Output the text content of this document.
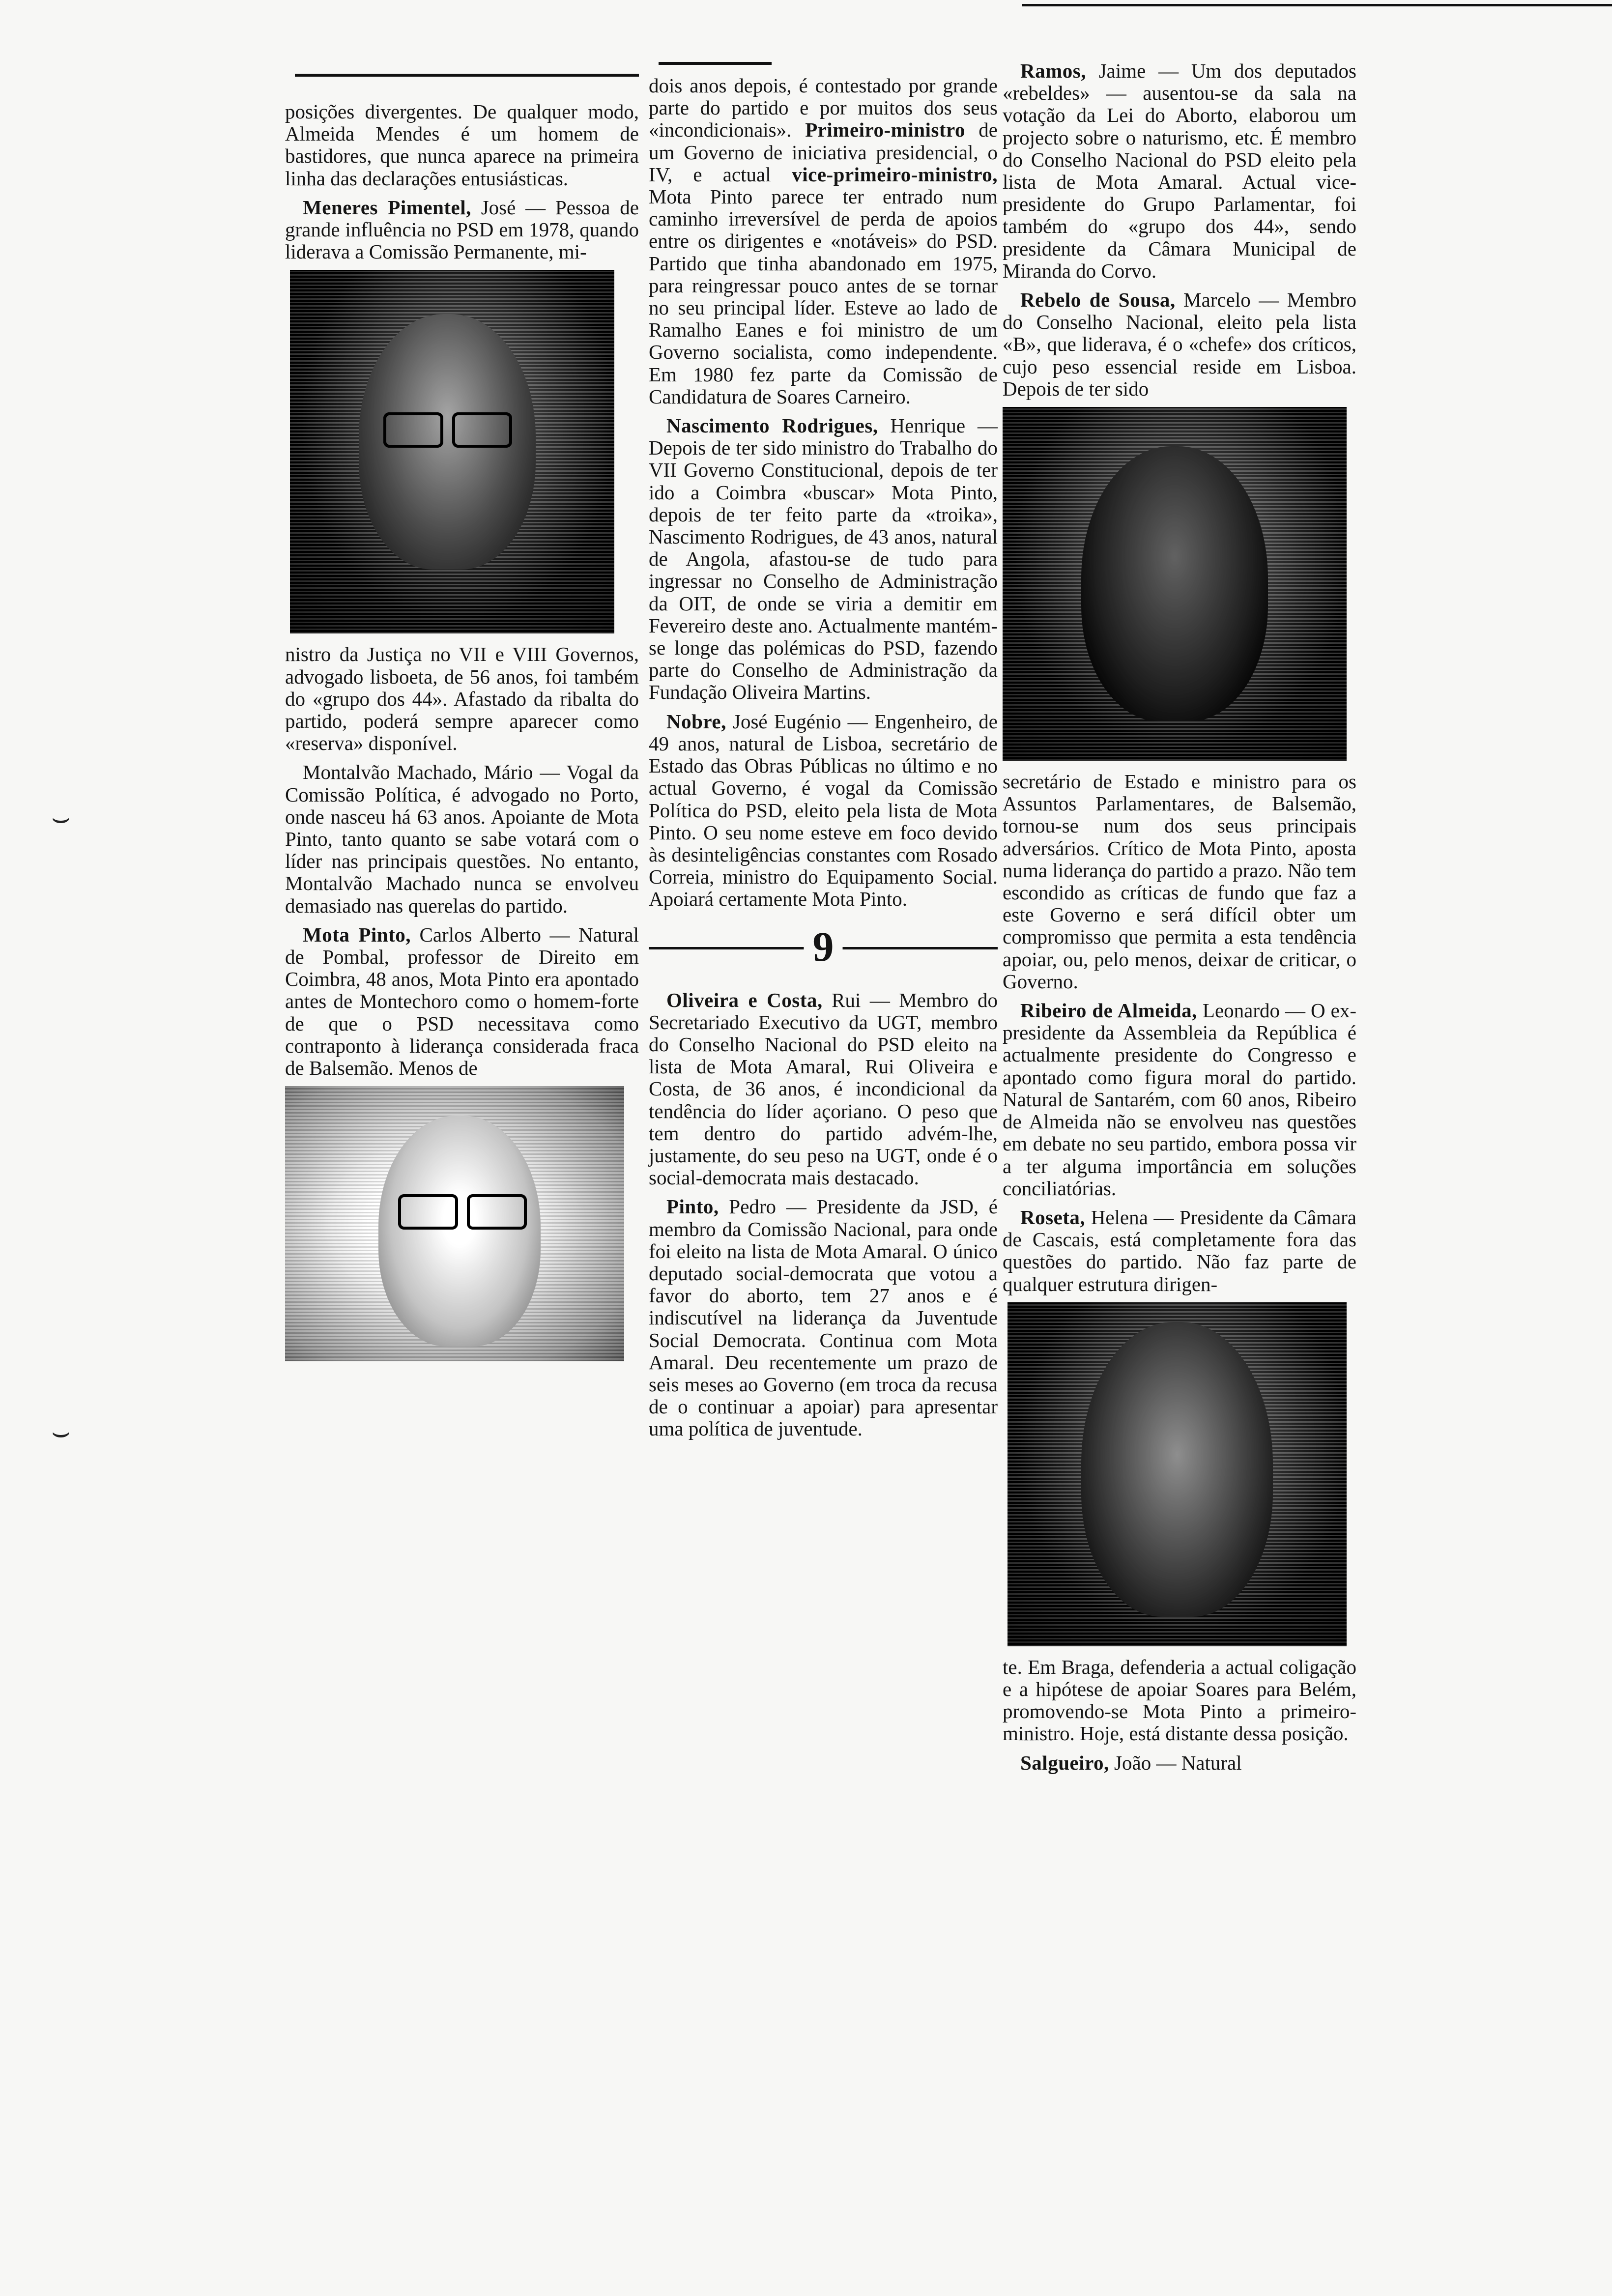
⌣
⌣

posições divergentes. De qualquer modo, Almeida Mendes é um homem de bastidores, que nunca aparece na primeira linha das declarações entusiásticas.

Meneres Pimentel, José — Pessoa de grande influência no PSD em 1978, quando liderava a Comissão Permanente, mi-

nistro da Justiça no VII e VIII Governos, advogado lisboeta, de 56 anos, foi também do «grupo dos 44». Afastado da ribalta do partido, poderá sempre aparecer como «reserva» disponível.

Montalvão Machado, Mário — Vogal da Comissão Política, é advogado no Porto, onde nasceu há 63 anos. Apoiante de Mota Pinto, tanto quanto se sabe votará com o líder nas principais questões. No entanto, Montalvão Machado nunca se envolveu demasiado nas querelas do partido.

Mota Pinto, Carlos Alberto — Natural de Pombal, professor de Direito em Coimbra, 48 anos, Mota Pinto era apontado antes de Montechoro como o homem-forte de que o PSD necessitava como contraponto à liderança considerada fraca de Balsemão. Menos de

dois anos depois, é contestado por grande parte do partido e por muitos dos seus «incondicionais». Primeiro-ministro de um Governo de iniciativa presidencial, o IV, e actual vice-primeiro-ministro, Mota Pinto parece ter entrado num caminho irreversível de perda de apoios entre os dirigentes e «notáveis» do PSD. Partido que tinha abandonado em 1975, para reingressar pouco antes de se tornar no seu principal líder. Esteve ao lado de Ramalho Eanes e foi ministro de um Governo socialista, como independente. Em 1980 fez parte da Comissão de Candidatura de Soares Carneiro.

Nascimento Rodrigues, Henrique — Depois de ter sido ministro do Trabalho do VII Governo Constitucional, depois de ter ido a Coimbra «buscar» Mota Pinto, depois de ter feito parte da «troika», Nascimento Rodrigues, de 43 anos, natural de Angola, afastou-se de tudo para ingressar no Conselho de Administração da OIT, de onde se viria a demitir em Fevereiro deste ano. Actualmente mantém-se longe das polémicas do PSD, fazendo parte do Conselho de Administração da Fundação Oliveira Martins.

Nobre, José Eugénio — Engenheiro, de 49 anos, natural de Lisboa, secretário de Estado das Obras Públicas no último e no actual Governo, é vogal da Comissão Política do PSD, eleito pela lista de Mota Pinto. O seu nome esteve em foco devido às desinteligências constantes com Rosado Correia, ministro do Equipamento Social. Apoiará certamente Mota Pinto.

9

Oliveira e Costa, Rui — Membro do Secretariado Executivo da UGT, membro do Conselho Nacional do PSD eleito na lista de Mota Amaral, Rui Oliveira e Costa, de 36 anos, é incondicional da tendência do líder açoriano. O peso que tem dentro do partido advém-lhe, justamente, do seu peso na UGT, onde é o social-democrata mais destacado.

Pinto, Pedro — Presidente da JSD, é membro da Comissão Nacional, para onde foi eleito na lista de Mota Amaral. O único deputado social-democrata que votou a favor do aborto, tem 27 anos e é indiscutível na liderança da Juventude Social Democrata. Continua com Mota Amaral. Deu recentemente um prazo de seis meses ao Governo (em troca da recusa de o continuar a apoiar) para apresentar uma política de juventude.

Ramos, Jaime — Um dos deputados «rebeldes» — ausentou-se da sala na votação da Lei do Aborto, elaborou um projecto sobre o naturismo, etc. É membro do Conselho Nacional do PSD eleito pela lista de Mota Amaral. Actual vice-presidente do Grupo Parlamentar, foi também do «grupo dos 44», sendo presidente da Câmara Municipal de Miranda do Corvo.

Rebelo de Sousa, Marcelo — Membro do Conselho Nacional, eleito pela lista «B», que liderava, é o «chefe» dos críticos, cujo peso essencial reside em Lisboa. Depois de ter sido

secretário de Estado e ministro para os Assuntos Parlamentares, de Balsemão, tornou-se num dos seus principais adversários. Crítico de Mota Pinto, aposta numa liderança do partido a prazo. Não tem escondido as críticas de fundo que faz a este Governo e será difícil obter um compromisso que permita a esta tendência apoiar, ou, pelo menos, deixar de criticar, o Governo.

Ribeiro de Almeida, Leonardo — O ex-presidente da Assembleia da República é actualmente presidente do Congresso e apontado como figura moral do partido. Natural de Santarém, com 60 anos, Ribeiro de Almeida não se envolveu nas questões em debate no seu partido, embora possa vir a ter alguma importância em soluções conciliatórias.

Roseta, Helena — Presidente da Câmara de Cascais, está completamente fora das questões do partido. Não faz parte de qualquer estrutura dirigen-

te. Em Braga, defenderia a actual coligação e a hipótese de apoiar Soares para Belém, promovendo-se Mota Pinto a primeiro-ministro. Hoje, está distante dessa posição.

Salgueiro, João — Natural
